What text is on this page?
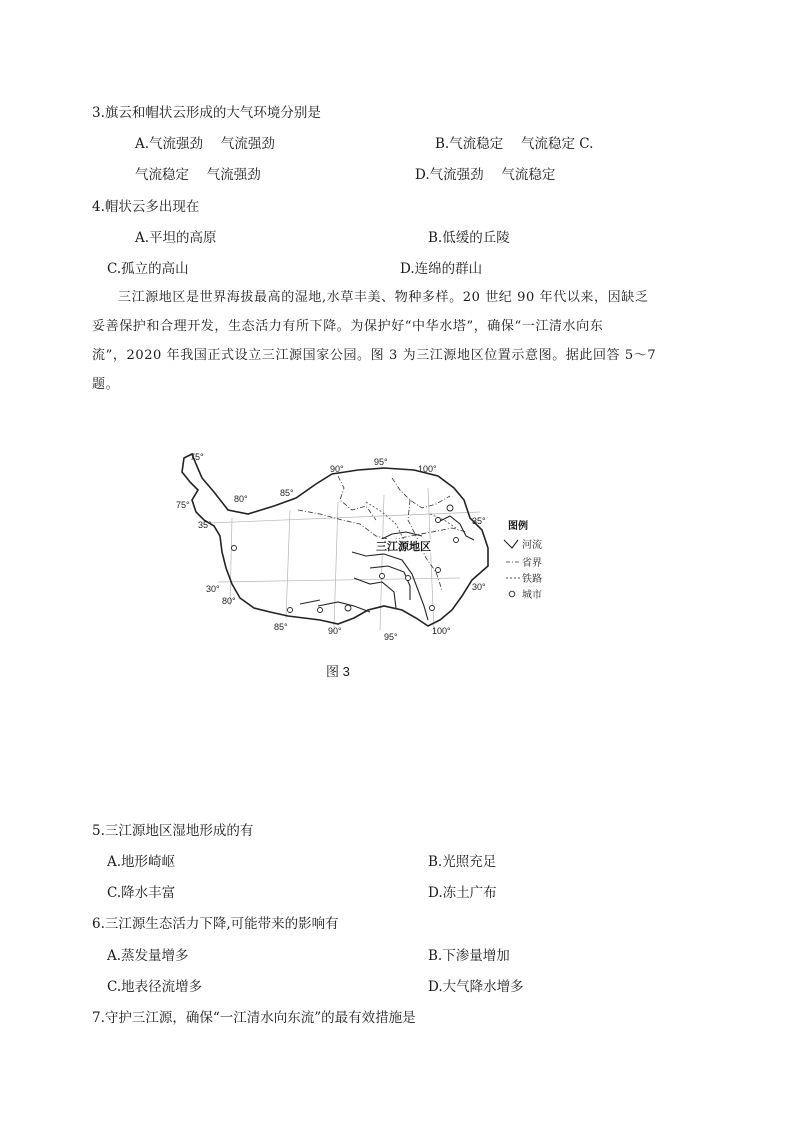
3.旗云和帽状云形成的大气环境分别是
A.气流强劲　 气流强劲	B.气流稳定　 气流稳定 C.
气流稳定　 气流强劲	D.气流强劲　 气流稳定
4.帽状云多出现在
A.平坦的高原	B.低缓的丘陵
C.孤立的高山	D.连绵的群山
三江源地区是世界海拔最高的湿地,水草丰美、物种多样。20 世纪 90 年代以来，因缺乏
妥善保护和合理开发，生态活力有所下降。为保护好“中华水塔”，确保“一江清水向东
流”，2020 年我国正式设立三江源国家公园。图 3 为三江源地区位置示意图。据此回答 5～7
题。
三江源地区
75°
75°
80°
85°
90°
95°
100°
80°
85°	90°
95°
100°
35°	35°
30°	30°
图例
河流
省界
铁路
城市
图 3
5.三江源地区湿地形成的有
A.地形崎岖	B.光照充足
C.降水丰富	D.冻土广布
6.三江源生态活力下降,可能带来的影响有
A.蒸发量增多	B.下渗量增加
C.地表径流增多	D.大气降水增多
7.守护三江源，确保“一江清水向东流”的最有效措施是
